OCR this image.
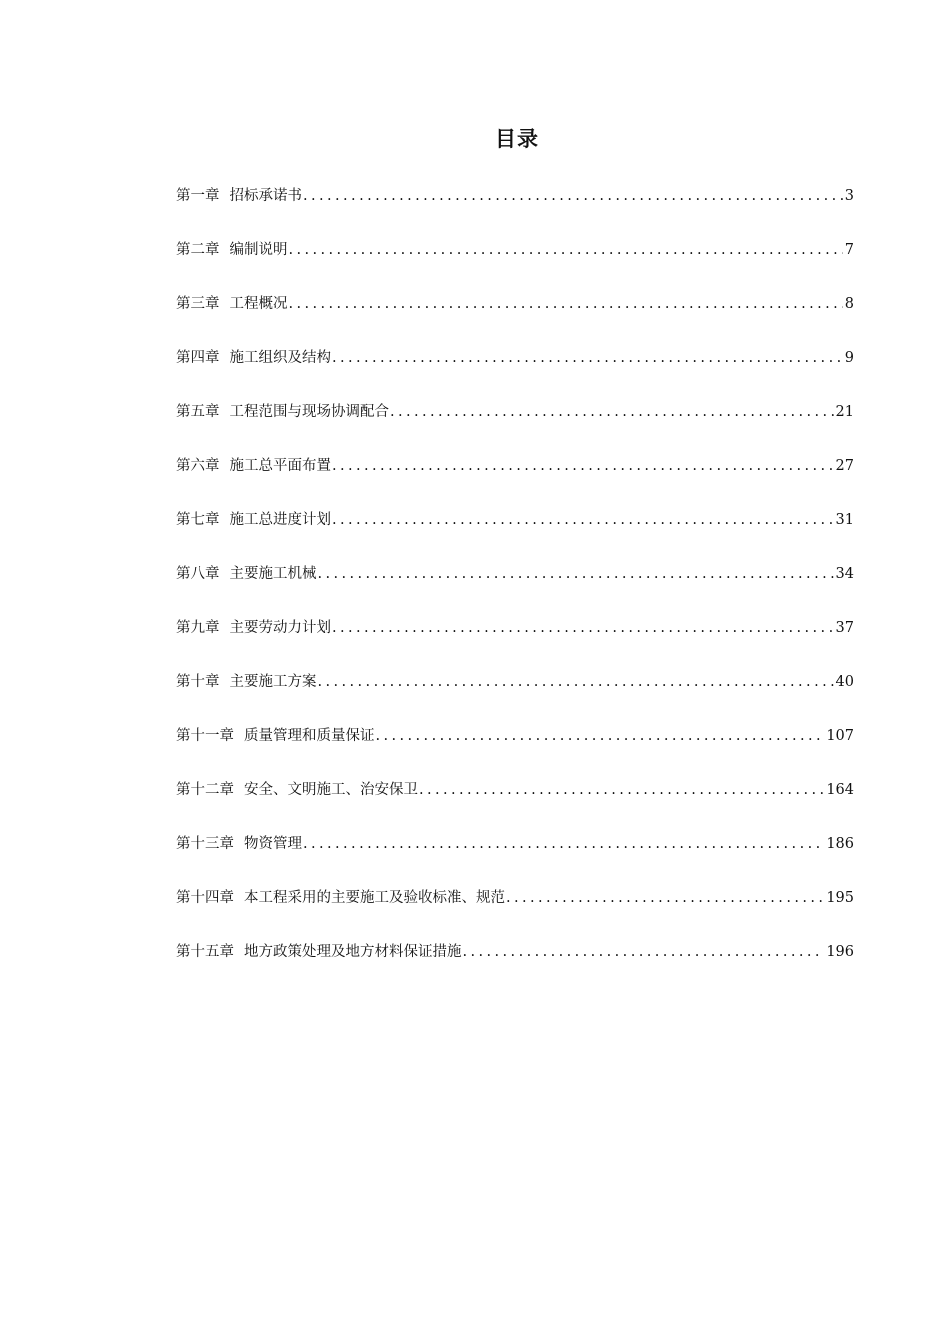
目录
第一章 招标承诺书 .....	3
第二章 编制说明 .....	7
第三章 工程概况 .....	8
第四章 施工组织及结构 .....	9
第五章 工程范围与现场协调配合 .....	21
第六章 施工总平面布置 .....	27
第七章 施工总进度计划 .....	31
第八章 主要施工机械 .....	34
第九章 主要劳动力计划 .....	37
第十章 主要施工方案 .....	40
第十一章 质量管理和质量保证 .....	107
第十二章 安全、文明施工、治安保卫 .....	164
第十三章 物资管理 .....	186
第十四章 本工程采用的主要施工及验收标准、规范 .....	195
第十五章 地方政策处理及地方材料保证措施 .....	196
